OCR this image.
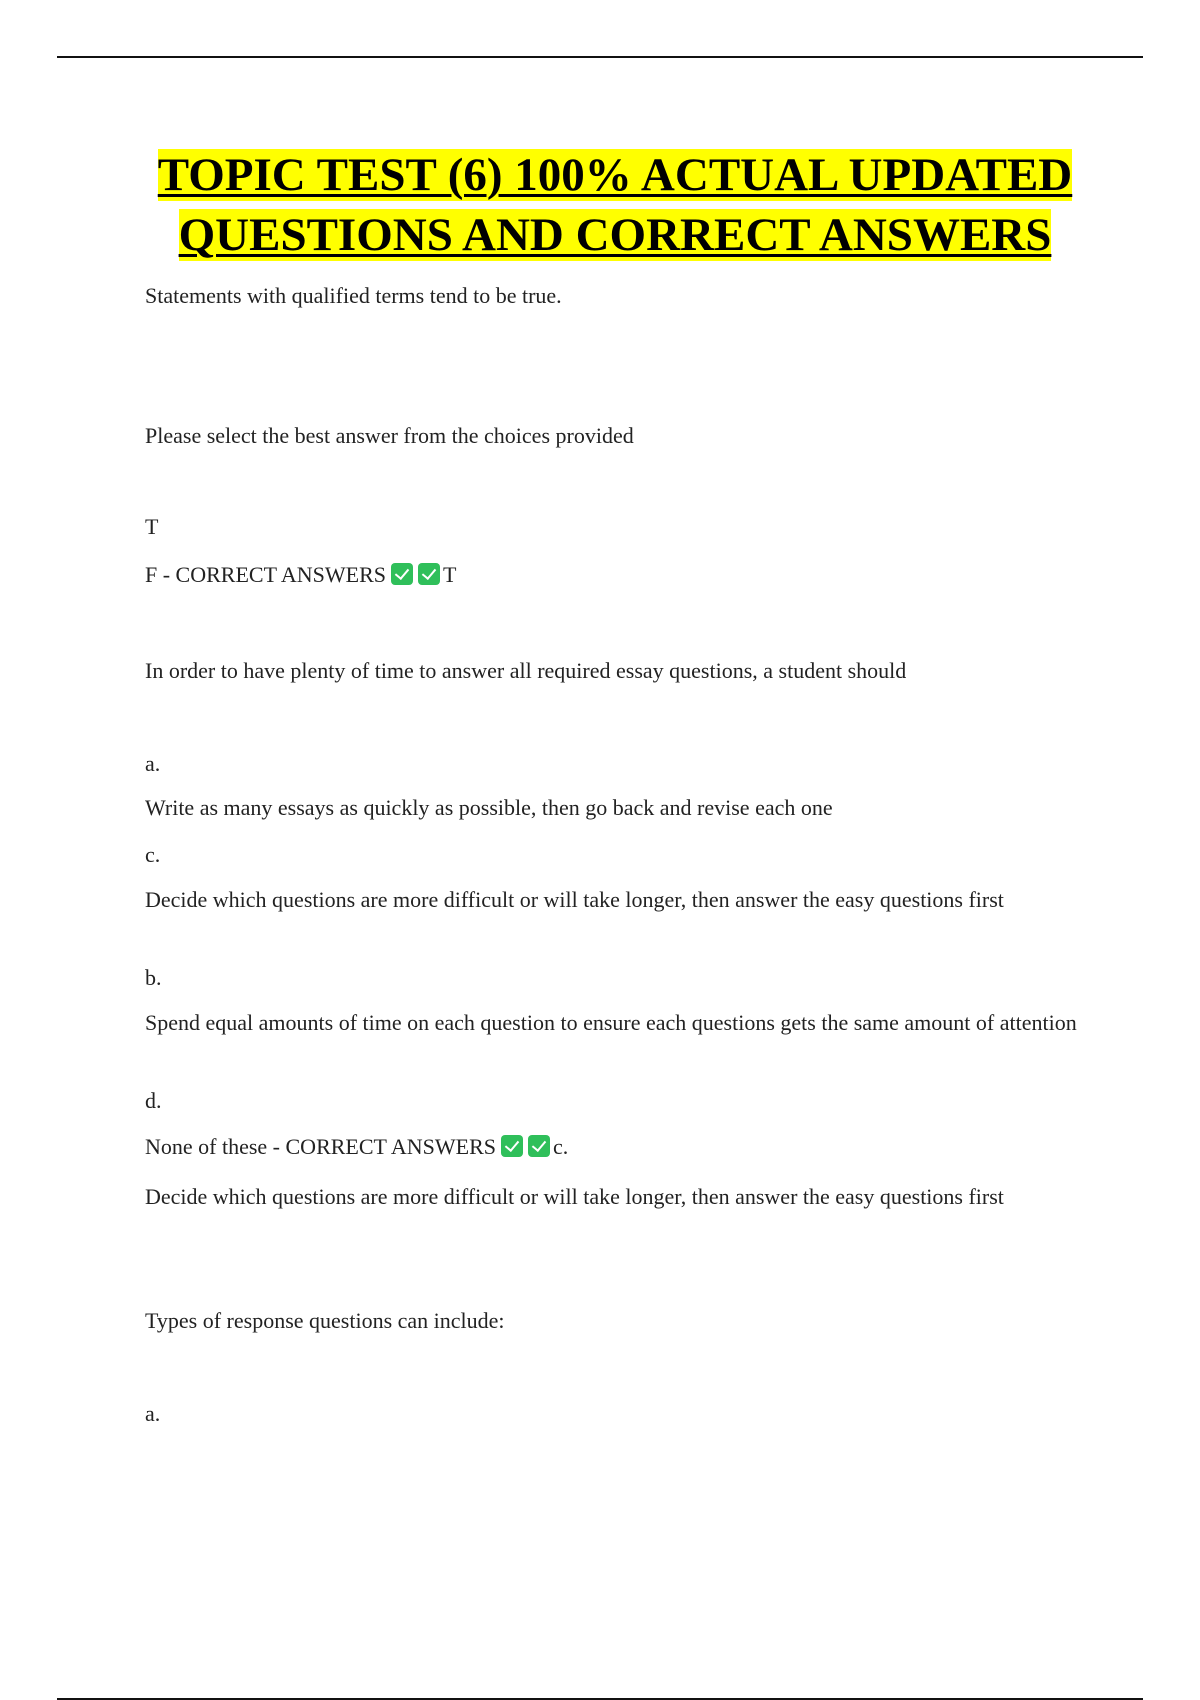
TOPIC TEST (6) 100% ACTUAL UPDATED QUESTIONS AND CORRECT ANSWERS

Statements with qualified terms tend to be true.

Please select the best answer from the choices provided

T

F - CORRECT ANSWERS	T

In order to have plenty of time to answer all required essay questions, a student should

a.

Write as many essays as quickly as possible, then go back and revise each one

c.

Decide which questions are more difficult or will take longer, then answer the easy questions first

b.

Spend equal amounts of time on each question to ensure each questions gets the same amount of attention

d.

None of these - CORRECT ANSWERS	c.

Decide which questions are more difficult or will take longer, then answer the easy questions first

Types of response questions can include:

a.
